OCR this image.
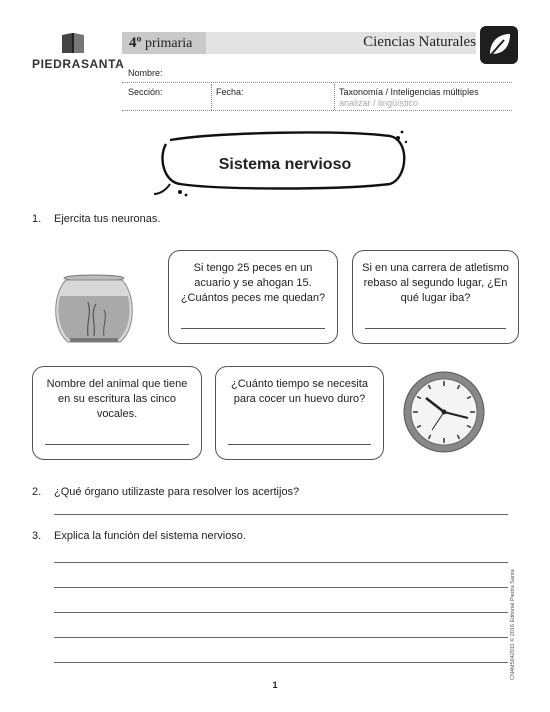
PIEDRASANTA
4º primaria	Ciencias Naturales
Nombre:
Sección:	Fecha:	Taxonomía / Inteligencias múltiples
analizar / lingüístico
Sistema nervioso
1. Ejercita tus neuronas.
Si tengo 25 peces en un acuario y se ahogan 15. ¿Cuántos peces me quedan?
Si en una carrera de atletismo rebaso al segundo lugar, ¿En qué lugar iba?
Nombre del animal que tiene en su escritura las cinco vocales.
¿Cuánto tiempo se necesita para cocer un huevo duro?
2. ¿Qué órgano utilizaste para resolver los acertijos?
3. Explica la función del sistema nervioso.
CN4M5042011 © 2016 Editorial Piedra Santa
1
